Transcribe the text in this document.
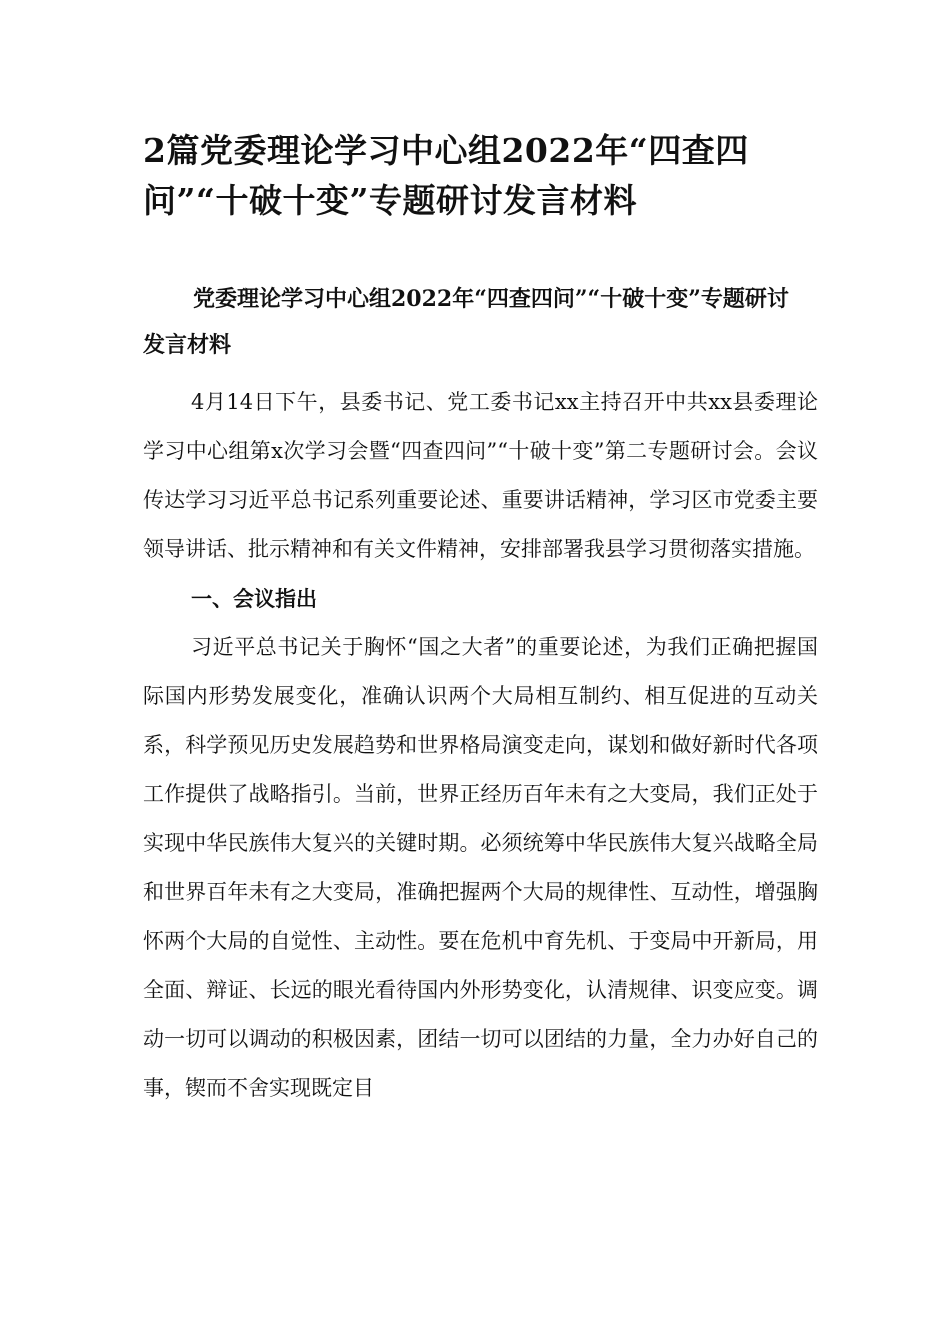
2篇党委理论学习中心组2022年“四查四问”“十破十变”专题研讨发言材料
党委理论学习中心组2022年“四查四问”“十破十变”专题研讨发言材料

4月14日下午，县委书记、党工委书记xx主持召开中共xx县委理论学习中心组第x次学习会暨“四查四问”“十破十变”第二专题研讨会。会议传达学习习近平总书记系列重要论述、重要讲话精神，学习区市党委主要领导讲话、批示精神和有关文件精神，安排部署我县学习贯彻落实措施。

一、会议指出

习近平总书记关于胸怀“国之大者”的重要论述，为我们正确把握国际国内形势发展变化，准确认识两个大局相互制约、相互促进的互动关系，科学预见历史发展趋势和世界格局演变走向，谋划和做好新时代各项工作提供了战略指引。当前，世界正经历百年未有之大变局，我们正处于实现中华民族伟大复兴的关键时期。必须统筹中华民族伟大复兴战略全局和世界百年未有之大变局，准确把握两个大局的规律性、互动性，增强胸怀两个大局的自觉性、主动性。要在危机中育先机、于变局中开新局，用全面、辩证、长远的眼光看待国内外形势变化，认清规律、识变应变。调动一切可以调动的积极因素，团结一切可以团结的力量，全力办好自己的事，锲而不舍实现既定目
